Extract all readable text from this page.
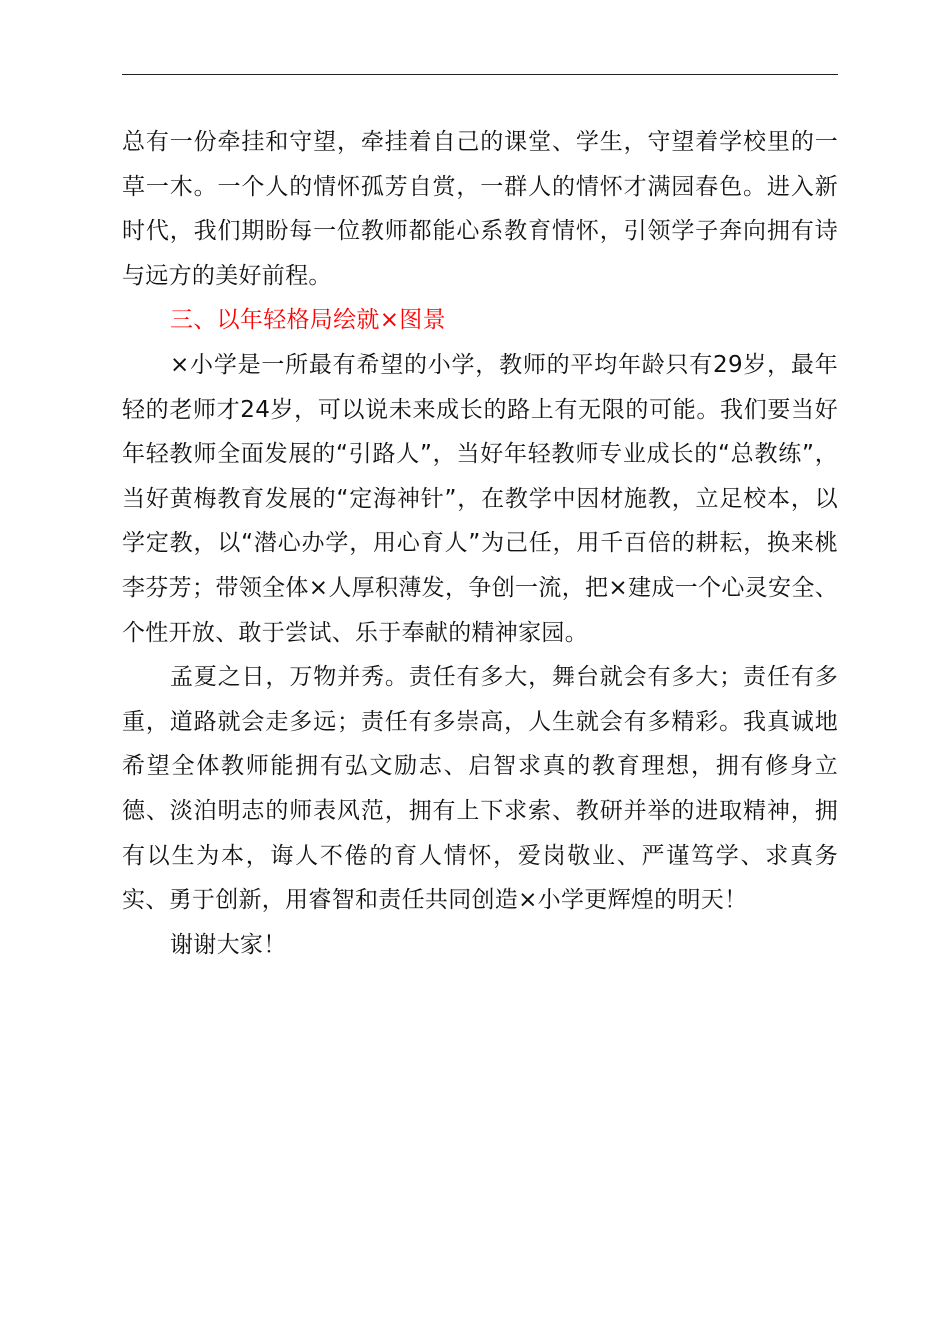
总有一份牵挂和守望，牵挂着自己的课堂、学生，守望着学校里的一草一木。一个人的情怀孤芳自赏，一群人的情怀才满园春色。进入新时代，我们期盼每一位教师都能心系教育情怀，引领学子奔向拥有诗与远方的美好前程。

三、以年轻格局绘就×图景

×小学是一所最有希望的小学，教师的平均年龄只有29岁，最年轻的老师才24岁，可以说未来成长的路上有无限的可能。我们要当好年轻教师全面发展的“引路人”，当好年轻教师专业成长的“总教练”，当好黄梅教育发展的“定海神针”，在教学中因材施教，立足校本，以学定教，以“潜心办学，用心育人”为己任，用千百倍的耕耘，换来桃李芬芳；带领全体×人厚积薄发，争创一流，把×建成一个心灵安全、个性开放、敢于尝试、乐于奉献的精神家园。

孟夏之日，万物并秀。责任有多大，舞台就会有多大；责任有多重，道路就会走多远；责任有多崇高，人生就会有多精彩。我真诚地希望全体教师能拥有弘文励志、启智求真的教育理想，拥有修身立德、淡泊明志的师表风范，拥有上下求索、教研并举的进取精神，拥有以生为本，诲人不倦的育人情怀，爱岗敬业、严谨笃学、求真务实、勇于创新，用睿智和责任共同创造×小学更辉煌的明天！

谢谢大家！
